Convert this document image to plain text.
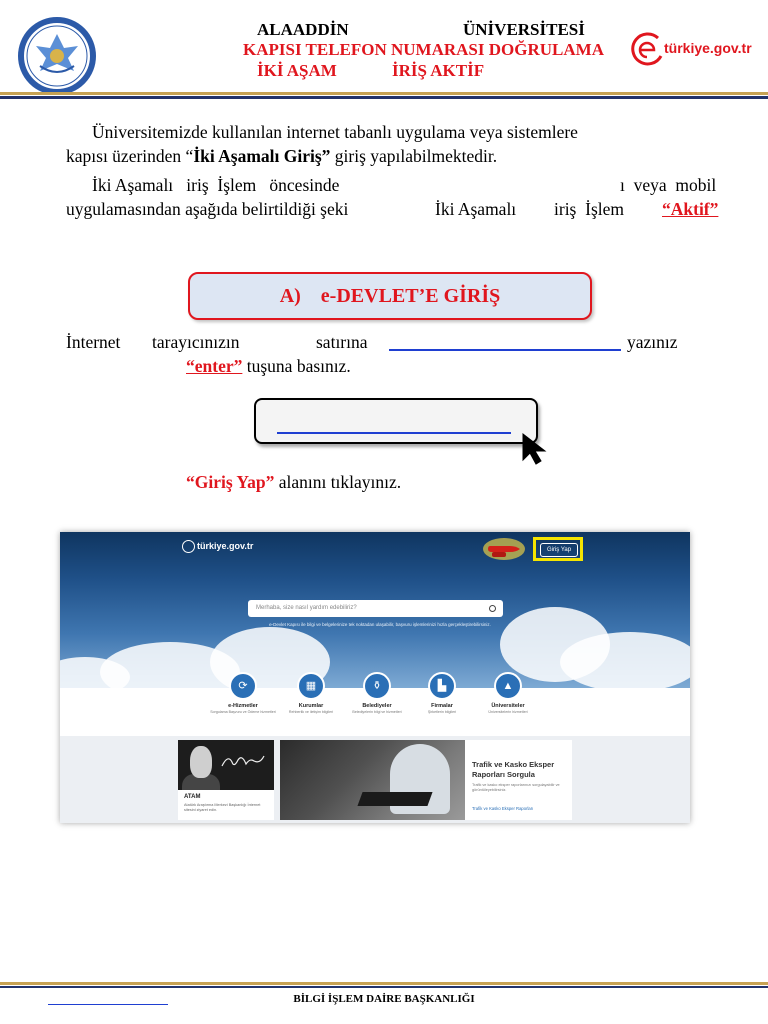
ALAADDİN	ÜNİVERSİTESİ
KAPISI TELEFON NUMARASI DOĞRULAMA
İKİ AŞAM	İRİŞ AKTİF
türkiye.gov.tr
Üniversitemizde kullanılan internet tabanlı uygulama veya sistemlere
kapısı üzerinden “İki Aşamalı Giriş” giriş yapılabilmektedir.
İki Aşamalı   iriş  İşlem   öncesinde	ı  veya  mobil
uygulamasından aşağıda belirtildiği şeki	İki Aşamalı iriş  İşlem “Aktif”
A)    e-DEVLET’E GİRİŞ
İnternet tarayıcınızın	satırına	yazınız
“enter” tuşuna basınız.
“Giriş Yap” alanını tıklayınız.
türkiye.gov.tr	Giriş Yap
Merhaba, size nasıl yardım edebiliriz?
e-Devlet Kapısı ile bilgi ve belgelerinize tek noktadan ulaşabilir, başvuru işlemlerinizi hızla gerçekleştirebilirsiniz.
⟳
e-Hizmetler
Sorgulama Başvuru ve Ödeme hizmetleri
▦
Kurumlar
Rehberlik ve iletişim bilgileri
⚱
Belediyeler
Belediyelerin bilgi ve hizmetleri
▙
Firmalar
Şirketlerin bilgileri
▲
Üniversiteler
Üniversitelerin hizmetleri
ATAM
Atatürk Araştırma Merkezi Başkanlığı İnternet sitesini ziyaret edin.
Trafik ve Kasko Eksper Raporları Sorgula
Trafik ve kasko eksper raporlarınızı sorgulayabilir ve görüntüleyebilirsiniz.
Trafik ve Kasko Eksper Raporları
BİLGİ İŞLEM DAİRE BAŞKANLIĞI
